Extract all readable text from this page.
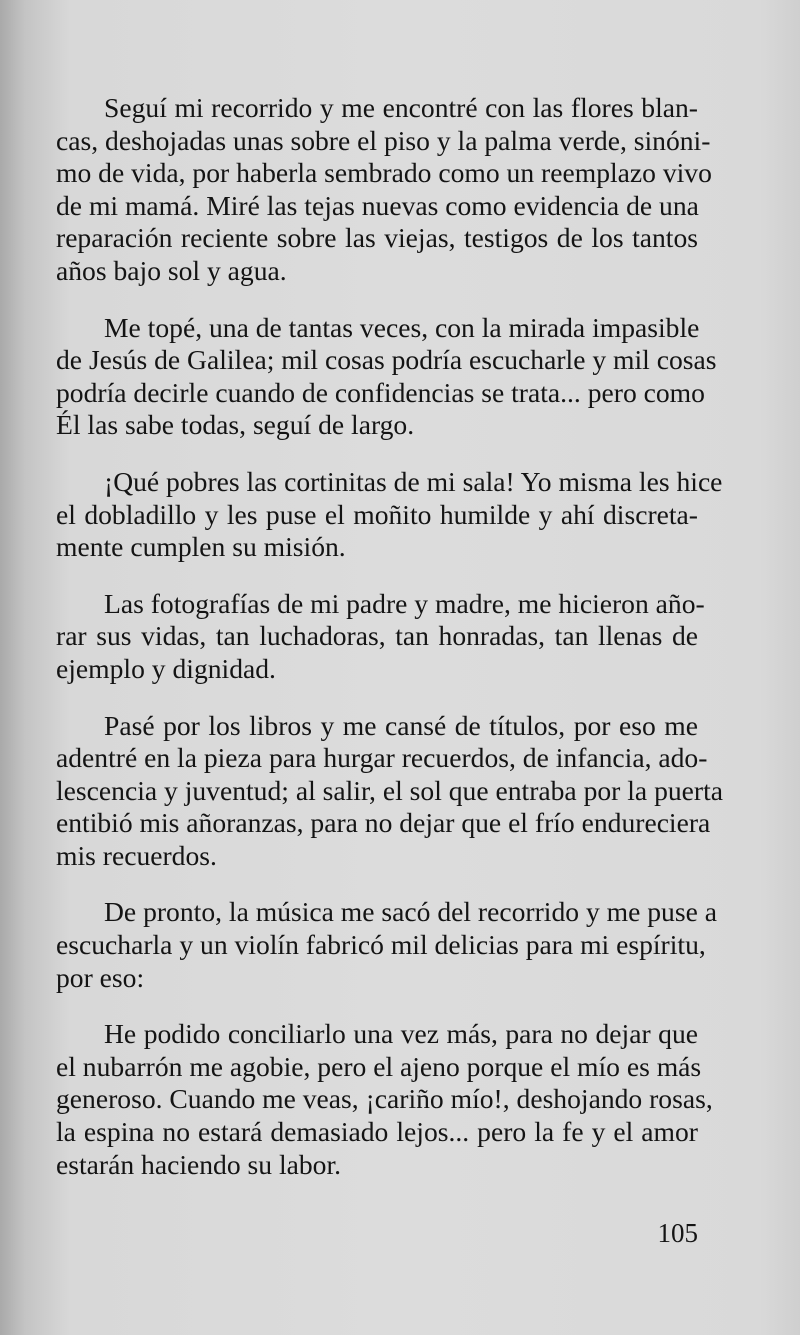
Seguí mi recorrido y me encontré con las flores blan-
cas, deshojadas unas sobre el piso y la palma verde, sinóni-
mo de vida, por haberla sembrado como un reemplazo vivo
de mi mamá. Miré las tejas nuevas como evidencia de una
reparación reciente sobre las viejas, testigos de los tantos
años bajo sol y agua.

Me topé, una de tantas veces, con la mirada impasible
de Jesús de Galilea; mil cosas podría escucharle y mil cosas
podría decirle cuando de confidencias se trata... pero como
Él las sabe todas, seguí de largo.

¡Qué pobres las cortinitas de mi sala! Yo misma les hice
el dobladillo y les puse el moñito humilde y ahí discreta-
mente cumplen su misión.

Las fotografías de mi padre y madre, me hicieron año-
rar sus vidas, tan luchadoras, tan honradas, tan llenas de
ejemplo y dignidad.

Pasé por los libros y me cansé de títulos, por eso me
adentré en la pieza para hurgar recuerdos, de infancia, ado-
lescencia y juventud; al salir, el sol que entraba por la puerta
entibió mis añoranzas, para no dejar que el frío endureciera
mis recuerdos.

De pronto, la música me sacó del recorrido y me puse a
escucharla y un violín fabricó mil delicias para mi espíritu,
por eso:

He podido conciliarlo una vez más, para no dejar que
el nubarrón me agobie, pero el ajeno porque el mío es más
generoso. Cuando me veas, ¡cariño mío!, deshojando rosas,
la espina no estará demasiado lejos... pero la fe y el amor
estarán haciendo su labor.

105
